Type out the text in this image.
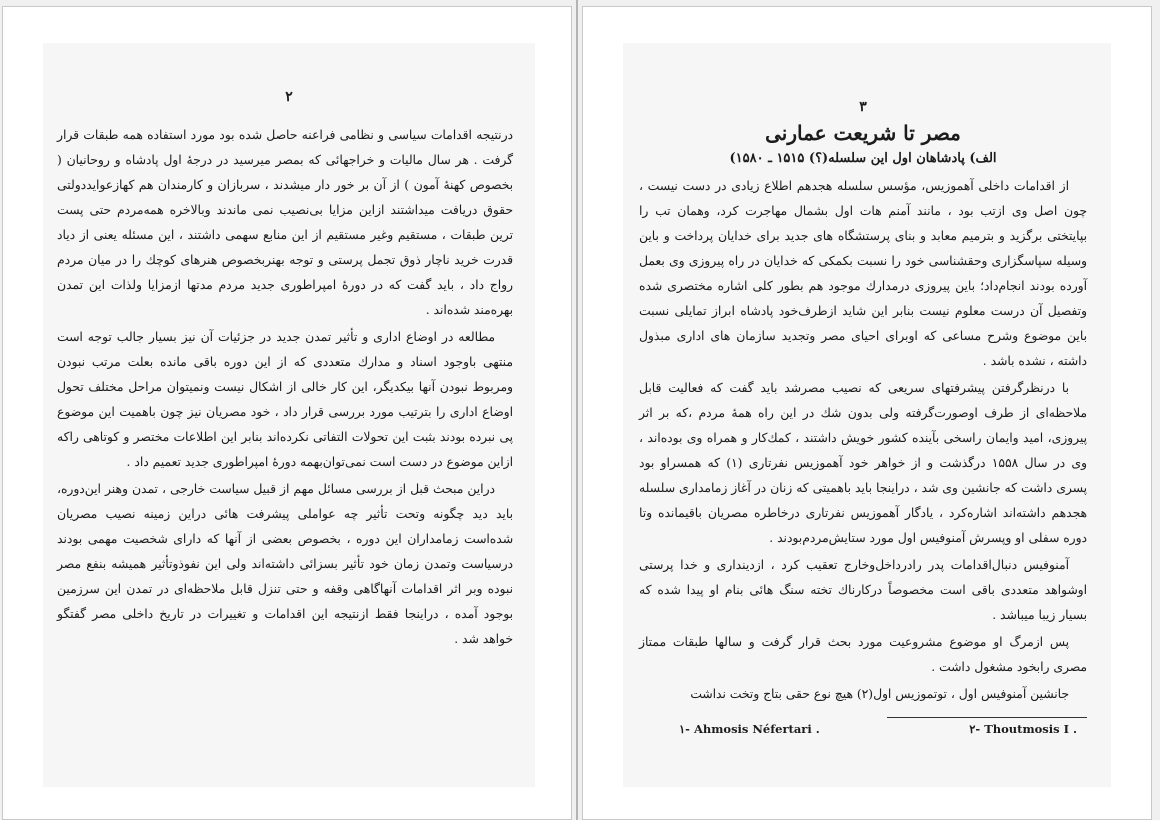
۲

درنتیجه اقدامات سیاسی و نظامی فراعنه حاصل شده بود مورد استفاده همه طبقات قرار گرفت . هر سال مالیات و خراجهائی که بمصر میرسید در درجهٔ اول پادشاه و روحانیان ( بخصوص کهنهٔ آمون ) از آن بر خور دار میشدند ، سربازان و کارمندان هم کهازعوایددولتی حقوق دریافت میداشتند ازاین مزایا بی‌نصیب نمی ماندند وبالاخره همه‌مردم حتی پست ترین طبقات ، مستقیم وغیر مستقیم از این منابع سهمی داشتند ، این مسئله یعنی از دیاد قدرت خرید ناچار ذوق تجمل پرستی و توجه بهنربخصوص هنرهای کوچك را در میان مردم رواج داد ، باید گفت که در دورهٔ امپراطوری جدید مردم مدتها ازمزایا ولذات این تمدن بهره‌مند شده‌اند .

مطالعه در اوضاع اداری و تأثیر تمدن جدید در جزئیات آن نیز بسیار جالب توجه است منتهی باوجود اسناد و مدارك متعددی که از این دوره باقی مانده بعلت مرتب نبودن ومربوط نبودن آنها بیکدیگر، این کار خالی از اشکال نیست ونمیتوان مراحل مختلف تحول اوضاع اداری را بترتیب مورد بررسی قرار داد ، خود مصریان نیز چون باهمیت این موضوع پی نبرده بودند بثبت این تحولات التفاتی نکرده‌اند بنابر این اطلاعات مختصر و کوتاهی راکه ازاین موضوع در دست است نمی‌توان‌بهمه دورهٔ امپراطوری جدید تعمیم داد .

دراین مبحث قبل از بررسی مسائل مهم از قبیل سیاست خارجی ، تمدن وهنر این‌دوره، باید دید چگونه وتحت تأثیر چه عواملی پیشرفت هائی دراین زمینه نصیب مصریان شده‌است زمامداران این دوره ، بخصوص بعضی از آنها که دارای شخصیت مهمی بودند درسیاست وتمدن زمان خود تأثیر بسزائی داشته‌اند ولی این نفوذوتأثیر همیشه بنفع مصر نبوده وبر اثر اقدامات آنهاگاهی وقفه و حتی تنزل قابل ملاحظه‌ای در تمدن این سرزمین بوجود آمده ، دراینجا فقط ازنتیجه این اقدامات و تغییرات در تاریخ داخلی مصر گفتگو خواهد شد .

۳
مصر تا شریعت عمارنی
الف) پادشاهان اول این سلسله(؟) ۱۵۱۵ ـ ۱۵۸۰)

از اقدامات داخلی آهموزیس، مؤسس سلسله هجدهم اطلاع زیادی در دست نیست ، چون اصل وی ازتب بود ، مانند آمنم هات اول بشمال مهاجرت کرد، وهمان تب را بپایتختی برگزید و بترمیم معابد و بنای پرستشگاه های جدید برای خدایان پرداخت و باین وسیله سپاسگزاری وحقشناسی خود را نسبت بکمکی که خدایان در راه پیروزی وی بعمل آورده بودند انجام‌داد؛ باین پیروزی درمدارك موجود هم بطور کلی اشاره مختصری شده وتفصیل آن درست معلوم نیست بنابر این شاید ازطرف‌خود پادشاه ابراز تمایلی نسبت باین موضوع وشرح مساعی که اوبرای احیای مصر وتجدید سازمان های اداری مبذول داشته ، نشده باشد .

با درنظرگرفتن پیشرفتهای سریعی که نصیب مصرشد باید گفت که فعالیت قابل ملاحظه‌ای از طرف اوصورت‌گرفته ولی بدون شك در این راه همهٔ مردم ،که بر اثر پیروزی، امید وایمان راسخی بآینده کشور خویش داشتند ، کمك‌کار و همراه وی بوده‌اند ، وی در سال ۱۵۵۸ درگذشت و از خواهر خود آهموزیس نفرتاری (۱) که همسراو بود پسری داشت که جانشین وی شد ، دراینجا باید باهمیتی که زنان در آغاز زمامداری سلسله هجدهم داشته‌اند اشاره‌کرد ، یادگار آهموزیس نفرتاری درخاطره مصریان باقیمانده وتا دوره سفلی او وپسرش آمنوفیس اول مورد ستایش‌مردم‌بودند .

آمنوفیس دنبال‌اقدامات پدر رادرداخل‌وخارج تعقیب کرد ، ازدینداری و خدا پرستی اوشواهد متعددی باقی است مخصوصاً درکارناك تخته سنگ هائی بنام او پیدا شده که بسیار زیبا میباشد .

پس ازمرگ او موضوع مشروعیت مورد بحث قرار گرفت و سالها طبقات ممتاز مصری رابخود مشغول داشت .

جانشین آمنوفیس اول ، توتموزیس اول(۲) هیچ نوع حقی بتاج وتخت نداشت

۱- Ahmosis Néfertari .	۲- Thoutmosis I .
